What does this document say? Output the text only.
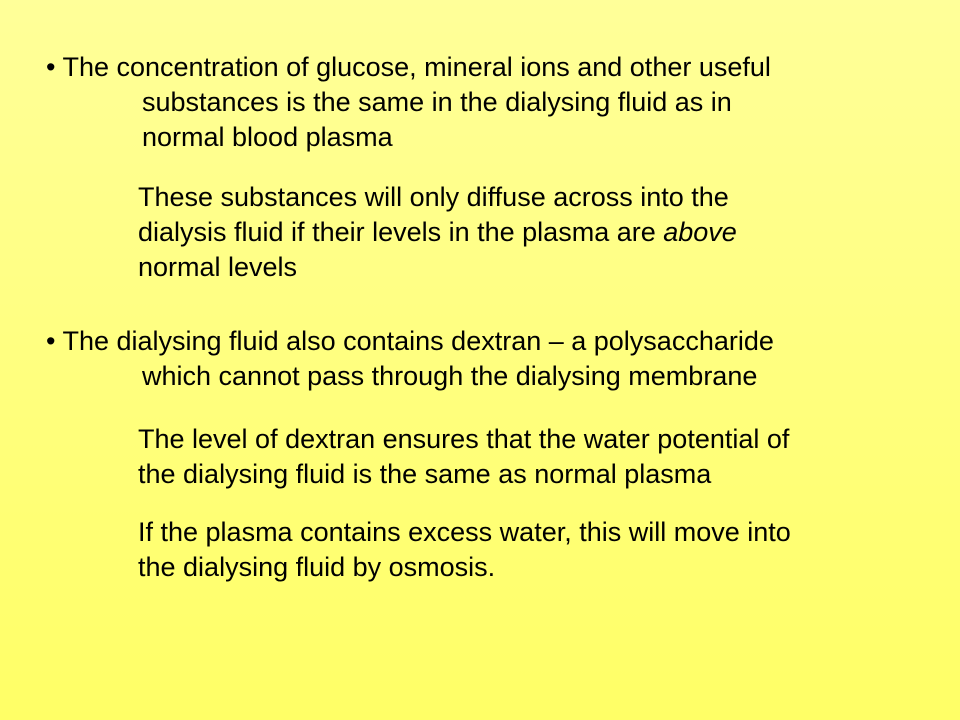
• The concentration of glucose, mineral ions and other useful
substances is the same in the dialysing fluid as in
normal blood plasma
These substances will only diffuse across into the
dialysis fluid if their levels in the plasma are above
normal levels
• The dialysing fluid also contains dextran – a polysaccharide
which cannot pass through the dialysing membrane
The level of dextran ensures that the water potential of
the dialysing fluid is the same as normal plasma
If the plasma contains excess water, this will move into
the dialysing fluid by osmosis.
